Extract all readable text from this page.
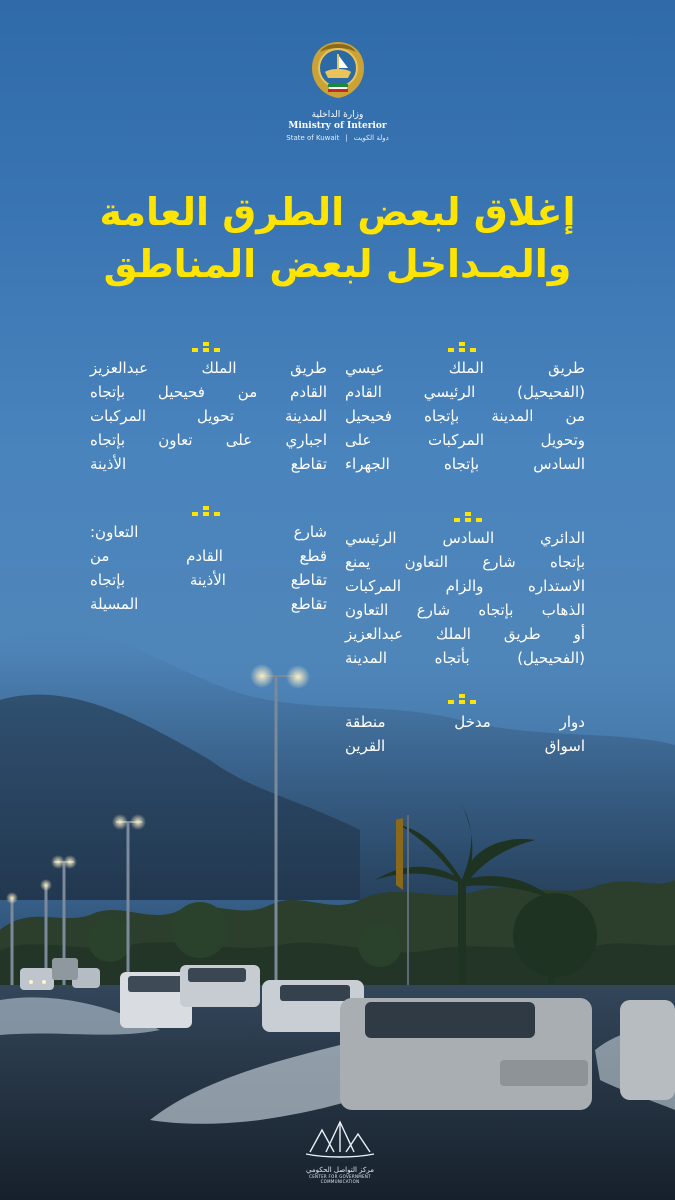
وزارة الداخلية
Ministry of Interior
State of Kuwait | دولة الكويت
إغلاق لبعض الطرق العامة
والمـداخل لبعض المناطق

طريق الملك عيسي

(الفحيحيل) الرئيسي القادم

من المدينة بإتجاه فحيحيل

وتحويل المركبات على

السادس بإتجاه الجهراء

الدائري السادس الرئيسي

بإتجاه شارع التعاون يمنع

الاستداره والزام المركبات

الذهاب بإتجاه شارع التعاون

أو طريق الملك عبدالعزيز

(الفحيحيل) بأتجاه المدينة

دوار مدخل منطقة

اسواق القرين

طريق الملك عبدالعزيز

القادم من فحيحيل بإتجاه

المدينة تحويل المركبات

اجباري على تعاون بإتجاه

تقاطع الأذينة

شارع التعاون:

قطع القادم من

تقاطع الأذينة بإتجاه

تقاطع المسيلة

مركز التواصل الحكومي
CENTER FOR GOVERNMENT COMMUNICATION
